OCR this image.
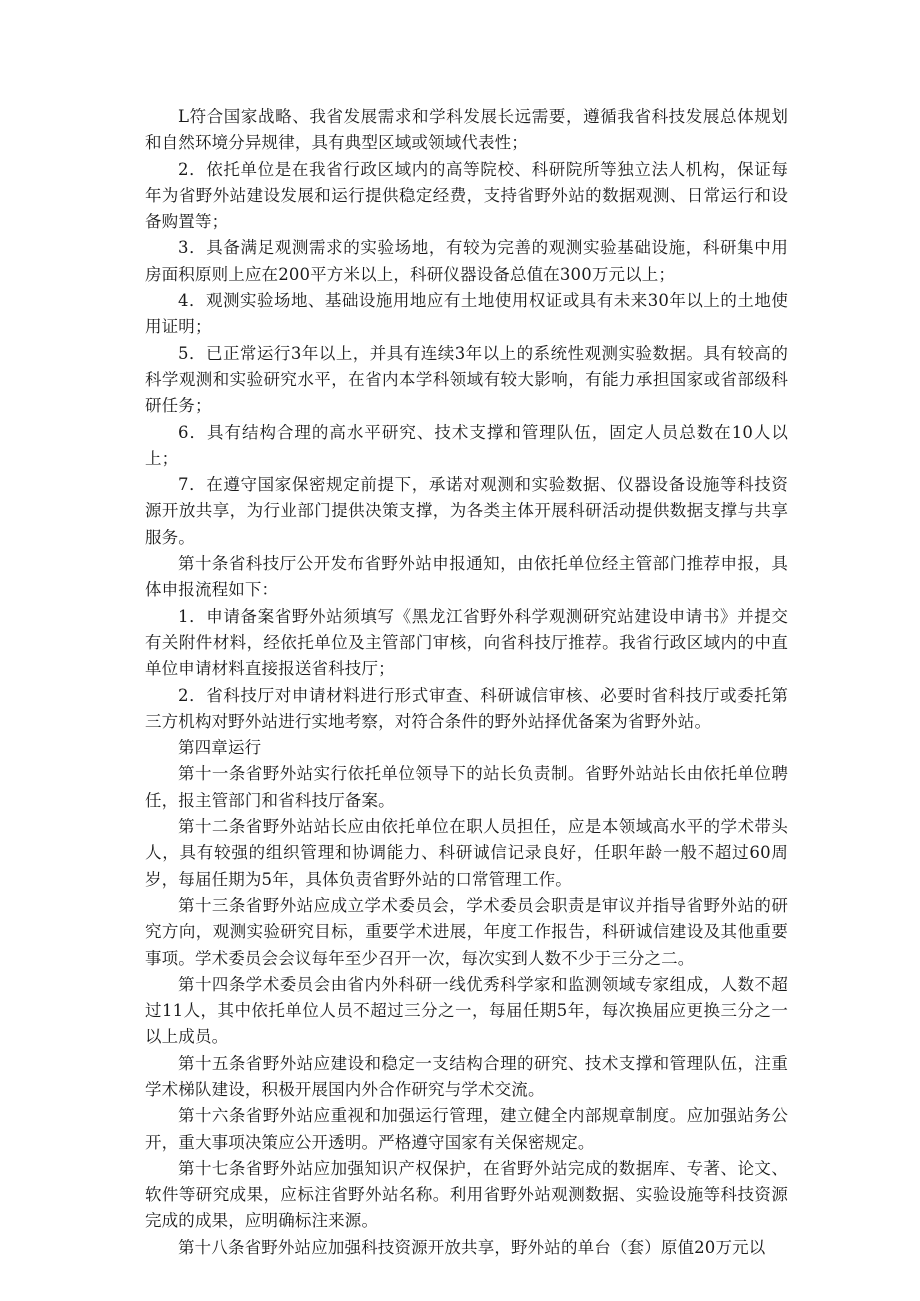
L符合国家战略、我省发展需求和学科发展长远需要，遵循我省科技发展总体规划和自然环境分异规律，具有典型区域或领域代表性；

2．依托单位是在我省行政区域内的高等院校、科研院所等独立法人机构，保证每年为省野外站建设发展和运行提供稳定经费，支持省野外站的数据观测、日常运行和设备购置等；

3．具备满足观测需求的实验场地，有较为完善的观测实验基础设施，科研集中用房面积原则上应在200平方米以上，科研仪器设备总值在300万元以上；

4．观测实验场地、基础设施用地应有土地使用权证或具有未来30年以上的土地使用证明；

5．已正常运行3年以上，并具有连续3年以上的系统性观测实验数据。具有较高的科学观测和实验研究水平，在省内本学科领域有较大影响，有能力承担国家或省部级科研任务；

6．具有结构合理的高水平研究、技术支撑和管理队伍，固定人员总数在10人以上；

7．在遵守国家保密规定前提下，承诺对观测和实验数据、仪器设备设施等科技资源开放共享，为行业部门提供决策支撑，为各类主体开展科研活动提供数据支撑与共享服务。

第十条省科技厅公开发布省野外站申报通知，由依托单位经主管部门推荐申报，具体申报流程如下：

1．申请备案省野外站须填写《黑龙江省野外科学观测研究站建设申请书》并提交有关附件材料，经依托单位及主管部门审核，向省科技厅推荐。我省行政区域内的中直单位申请材料直接报送省科技厅；

2．省科技厅对申请材料进行形式审查、科研诚信审核、必要时省科技厅或委托第三方机构对野外站进行实地考察，对符合条件的野外站择优备案为省野外站。

第四章运行

第十一条省野外站实行依托单位领导下的站长负责制。省野外站站长由依托单位聘任，报主管部门和省科技厅备案。

第十二条省野外站站长应由依托单位在职人员担任，应是本领域高水平的学术带头人，具有较强的组织管理和协调能力、科研诚信记录良好，任职年龄一般不超过60周岁，每届任期为5年，具体负责省野外站的口常管理工作。

第十三条省野外站应成立学术委员会，学术委员会职责是审议并指导省野外站的研究方向，观测实验研究目标，重要学术进展，年度工作报告，科研诚信建设及其他重要事项。学术委员会会议每年至少召开一次，每次实到人数不少于三分之二。

第十四条学术委员会由省内外科研一线优秀科学家和监测领域专家组成，人数不超过11人，其中依托单位人员不超过三分之一，每届任期5年，每次换届应更换三分之一以上成员。

第十五条省野外站应建设和稳定一支结构合理的研究、技术支撑和管理队伍，注重学术梯队建设，积极开展国内外合作研究与学术交流。

第十六条省野外站应重视和加强运行管理，建立健全内部规章制度。应加强站务公开，重大事项决策应公开透明。严格遵守国家有关保密规定。

第十七条省野外站应加强知识产权保护，在省野外站完成的数据库、专著、论文、软件等研究成果，应标注省野外站名称。利用省野外站观测数据、实验设施等科技资源完成的成果，应明确标注来源。

第十八条省野外站应加强科技资源开放共享，野外站的单台（套）原值20万元以
